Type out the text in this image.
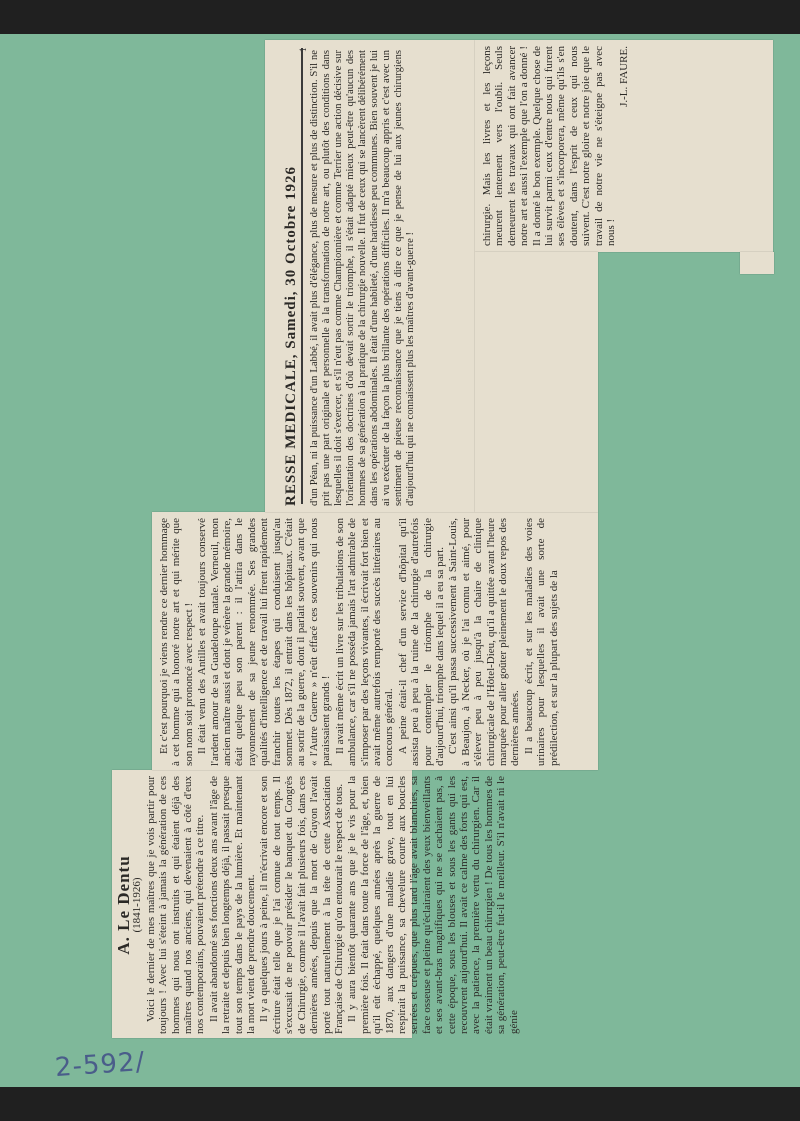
A. Le Dentu

(1841-1926) Voici le dernier de mes maîtres que je vois partir pour toujours ! Avec lui s'éteint à jamais la génération de ces hommes qui nous ont instruits et qui étaient déjà des maîtres quand nos anciens, qui devenaient à côté d'eux nos contemporains, pouvaient prétendre à ce titre. Il avait abandonné ses fonctions deux ans avant l'âge de la retraite et depuis bien longtemps déjà, il passait presque tout son temps dans le pays de la lumière. Et maintenant la mort vient de prendre doucement. Il y a quelques jours à peine, il m'écrivait encore et son écriture était telle que je l'ai connue de tout temps. Il s'excusait de ne pouvoir présider le banquet du Congrès de Chirurgie, comme il l'avait fait plusieurs fois, dans ces dernières années, depuis que la mort de Guyon l'avait porté tout naturellement à la tête de cette Association Française de Chirurgie qu'on entourait le respect de tous. Il y aura bientôt quarante ans que je le vis pour la première fois. Il était dans toute la force de l'âge, et, bien qu'il eût échappé, quelques années après la guerre de 1870, aux dangers d'une maladie grave, tout en lui respirait la puissance, sa chevelure courte aux boucles serrées et crépues, que plus tard l'âge avait blanchies, sa face osseuse et pleine qu'éclairaient des yeux bienveillants et ses avant-bras magnifiques qui ne se cachaient pas, à cette époque, sous les blouses et sous les gants qui les recouvrent aujourd'hui. Il avait ce calme des forts qui est, avec la patience, la première vertu du chirurgien. Car il était vraiment un beau chirurgien ! De tous les hommes de sa génération, peut-être fut-il le meilleur. S'il n'avait ni le génie

Et c'est pourquoi je viens rendre ce dernier hommage à cet homme qui a honoré notre art et qui mérite que son nom soit prononcé avec respect ! Il était venu des Antilles et avait toujours conservé l'ardent amour de sa Guadeloupe natale. Verneuil, mon ancien maître aussi et dont je vénère la grande mémoire, était quelque peu son parent : il l'attira dans le rayonnement de sa jeune renommée. Ses grandes qualités d'intelligence et de travail lui firent rapidement franchir toutes les étapes qui conduisent jusqu'au sommet. Dès 1872, il entrait dans les hôpitaux. C'était au sortir de la guerre, dont il parlait souvent, avant que « l'Autre Guerre » n'eût effacé ces souvenirs qui nous paraissaient grands ! Il avait même écrit un livre sur les tribulations de son ambulance, car s'il ne posséda jamais l'art admirable de s'imposer par des leçons vivantes, il écrivait fort bien et avait même autrefois remporté des succès littéraires au concours général. A peine était-il chef d'un service d'hôpital qu'il assista peu à peu à la ruine de la chirurgie d'autrefois pour contempler le triomphe de la chirurgie d'aujourd'hui, triomphe dans lequel il a eu sa part. C'est ainsi qu'il passa successivement à Saint-Louis, à Beaujon, à Necker, où je l'ai connu et aimé, pour s'élever peu à peu jusqu'à la chaire de clinique chirurgicale de l'Hôtel-Dieu, qu'il a quittée avant l'heure marquée pour aller goûter pleinement le doux repos des dernières années. Il a beaucoup écrit, et sur les maladies des voies urinaires pour lesquelles il avait une sorte de prédilection, et sur la plupart des sujets de la

RESSE MEDICALE, Samedi, 30 Octobre 1926 d'un Péan, ni la puissance d'un Labbé, il avait plus d'élégance, plus de mesure et plus de distinction. S'il ne prit pas une part originale et personnelle à la transformation de notre art, ou plutôt des conditions dans lesquelles il doit s'exercer, et s'il n'eut pas comme Championnière et comme Terrier une action décisive sur l'orientation des doctrines d'où devait sortir le triomphe, il s'était adapté mieux peut-être qu'aucun des hommes de sa génération à la pratique de la chirurgie nouvelle. Il fut de ceux qui se lancèrent délibérément dans les opérations abdominales. Il était d'une habileté, d'une hardiesse peu communes. Bien souvent je lui ai vu exécuter de la façon la plus brillante des opérations difficiles. Il m'a beaucoup appris et c'est avec un sentiment de pieuse reconnaissance que je tiens à dire ce que je pense de lui aux jeunes chirurgiens d'aujourd'hui qui ne connaissent plus les maîtres d'avant-guerre !

chirurgie. Mais les livres et les leçons meurent lentement vers l'oubli. Seuls demeurent les travaux qui ont fait avancer notre art et aussi l'exemple que l'on a donné ! Il a donné le bon exemple. Quelque chose de lui survit parmi ceux d'entre nous qui furent ses élèves et s'incorporera, même qu'ils s'en doutent, dans l'esprit de ceux qui nous suivent. C'est notre gloire et notre joie que le travail de notre vie ne s'éteigne pas avec nous !

J.-L. FAURE.

1
2-592/
